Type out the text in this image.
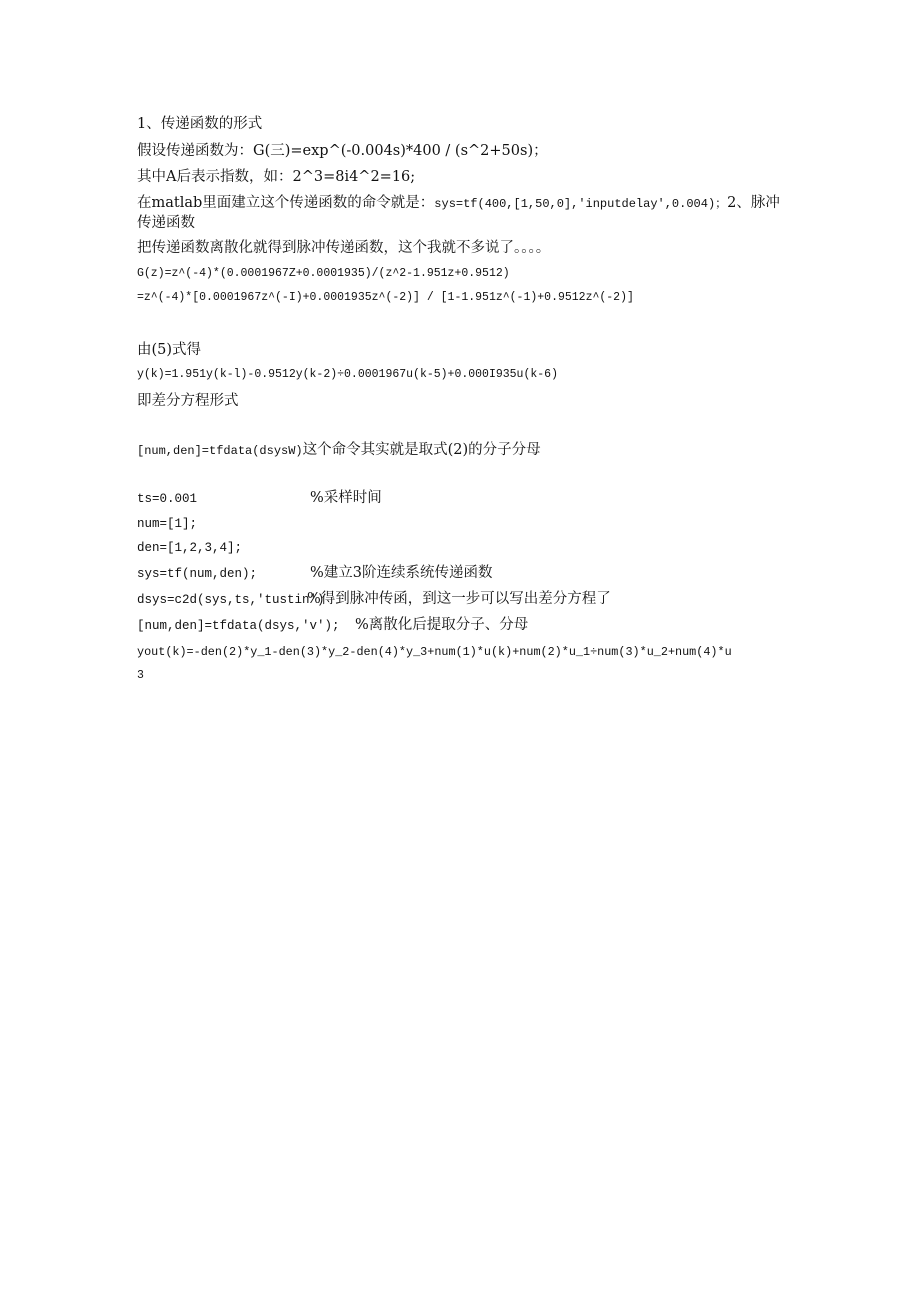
1、传递函数的形式
假设传递函数为：G(三)=exp^(-0.004s)*400 / (s^2+50s)；
其中A后表示指数，如：2^3=8i4^2=16;
在matlab里面建立这个传递函数的命令就是：sys=tf(400,[1,50,0],'inputdelay',0.004)；2、脉冲
传递函数
把传递函数离散化就得到脉冲传递函数，这个我就不多说了。。。。
G(z)=z^(-4)*(0.0001967Z+0.0001935)/(z^2-1.951z+0.9512)
=z^(-4)*[0.0001967z^(-I)+0.0001935z^(-2)] / [1-1.951z^(-1)+0.9512z^(-2)]
由(5)式得
y(k)=1.951y(k-l)-0.9512y(k-2)÷0.0001967u(k-5)+0.000I935u(k-6)
即差分方程形式
[num,den]=tfdata(dsysW)这个命令其实就是取式(2)的分子分母
ts=0.001	%采样时间
num=[1];
den=[1,2,3,4];
sys=tf(num,den);	%建立3阶连续系统传递函数
dsys=c2d(sys,ts,'tustin')
%得到脉冲传函，到这一步可以写出差分方程了
[num,den]=tfdata(dsys,'v'); %离散化后提取分子、分母
yout(k)=-den(2)*y_1-den(3)*y_2-den(4)*y_3+num(1)*u(k)+num(2)*u_1÷num(3)*u_2+num(4)*u
3
